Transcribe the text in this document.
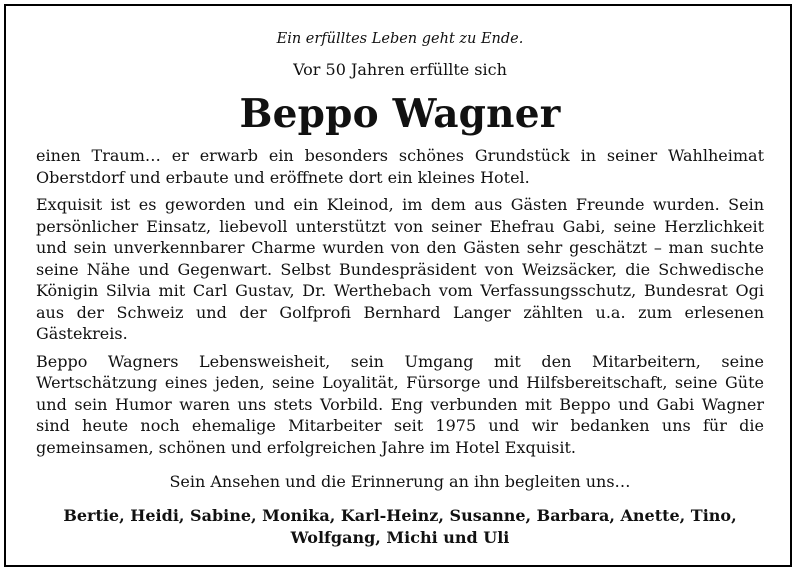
Ein erfülltes Leben geht zu Ende.

Vor 50 Jahren erfüllte sich

Beppo Wagner

einen Traum… er erwarb ein besonders schönes Grundstück in seiner Wahlheimat Oberstdorf und erbaute und eröffnete dort ein kleines Hotel.

Exquisit ist es geworden und ein Kleinod, im dem aus Gästen Freunde wurden. Sein persönlicher Einsatz, liebevoll unterstützt von seiner Ehefrau Gabi, seine Herzlichkeit und sein unverkennbarer Charme wurden von den Gästen sehr geschätzt – man suchte seine Nähe und Gegenwart. Selbst Bundespräsident von Weizsäcker, die Schwedische Königin Silvia mit Carl Gustav, Dr. Werthebach vom Verfassungsschutz, Bundesrat Ogi aus der Schweiz und der Golfprofi Bernhard Langer zählten u.a. zum erlesenen Gästekreis.

Beppo Wagners Lebensweisheit, sein Umgang mit den Mitarbeitern, seine Wertschätzung eines jeden, seine Loyalität, Fürsorge und Hilfsbereitschaft, seine Güte und sein Humor waren uns stets Vorbild. Eng verbunden mit Beppo und Gabi Wagner sind heute noch ehemalige Mitarbeiter seit 1975 und wir bedanken uns für die gemeinsamen, schönen und erfolgreichen Jahre im Hotel Exquisit.

Sein Ansehen und die Erinnerung an ihn begleiten uns…

Bertie, Heidi, Sabine, Monika, Karl-Heinz, Susanne, Barbara, Anette, Tino, Wolfgang, Michi und Uli
